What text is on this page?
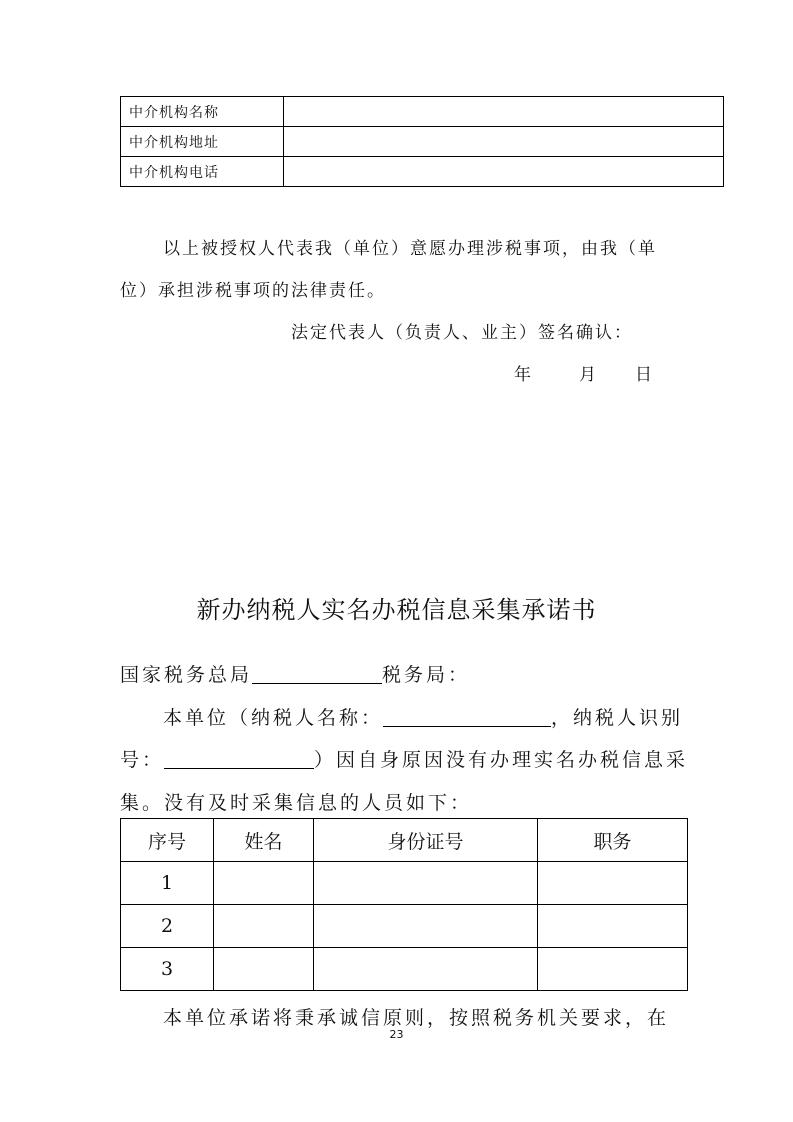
中介机构名称	
中介机构地址	
中介机构电话	
以上被授权人代表我（单位）意愿办理涉税事项，由我（单
位）承担涉税事项的法律责任。
法定代表人（负责人、业主）签名确认：
年	月 日
新办纳税人实名办税信息采集承诺书
国家税务总局	税务局：
本单位（纳税人名称：	，纳税人识别
号：	）因自身原因没有办理实名办税信息采
集。没有及时采集信息的人员如下：
序号	姓名	身份证号	职务
1			
2			
3			
本单位承诺将秉承诚信原则，按照税务机关要求，在
23
